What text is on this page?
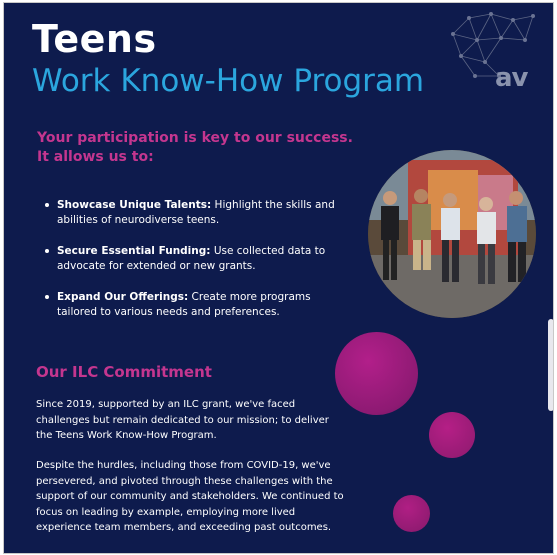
Teens
Work Know-How Program	av
Your participation is key to our success.
It allows us to:
Showcase Unique Talents: Highlight the skills and abilities of neurodiverse teens.
Secure Essential Funding: Use collected data to advocate for extended or new grants.
Expand Our Offerings: Create more programs tailored to various needs and preferences.
Our ILC Commitment

Since 2019, supported by an ILC grant, we've faced challenges but remain dedicated to our mission; to deliver the Teens Work Know-How Program.

Despite the hurdles, including those from COVID-19, we've persevered, and pivoted through these challenges with the support of our community and stakeholders. We continued to focus on leading by example, employing more lived experience team members, and exceeding past outcomes.
